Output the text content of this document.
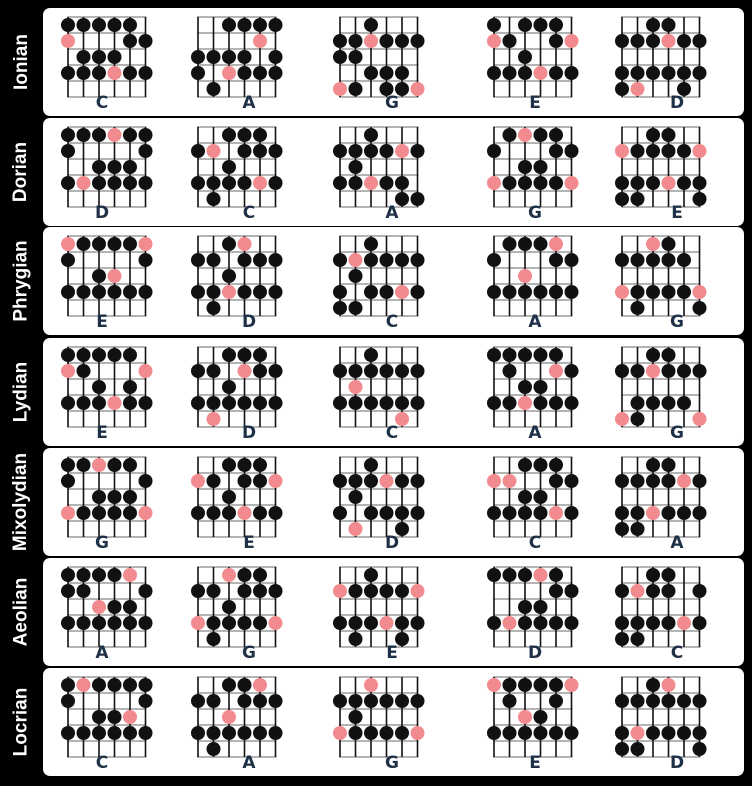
Ionian
C	A	G	E	D
Dorian
D	C	A	G	E
Phrygian
E	D	C	A	G
Lydian
E	D	C	A	G
Mixolydian	G	E	D	C	A
Aeolian
A	G	E	D	C
Locrian
C	A	G	E	D
